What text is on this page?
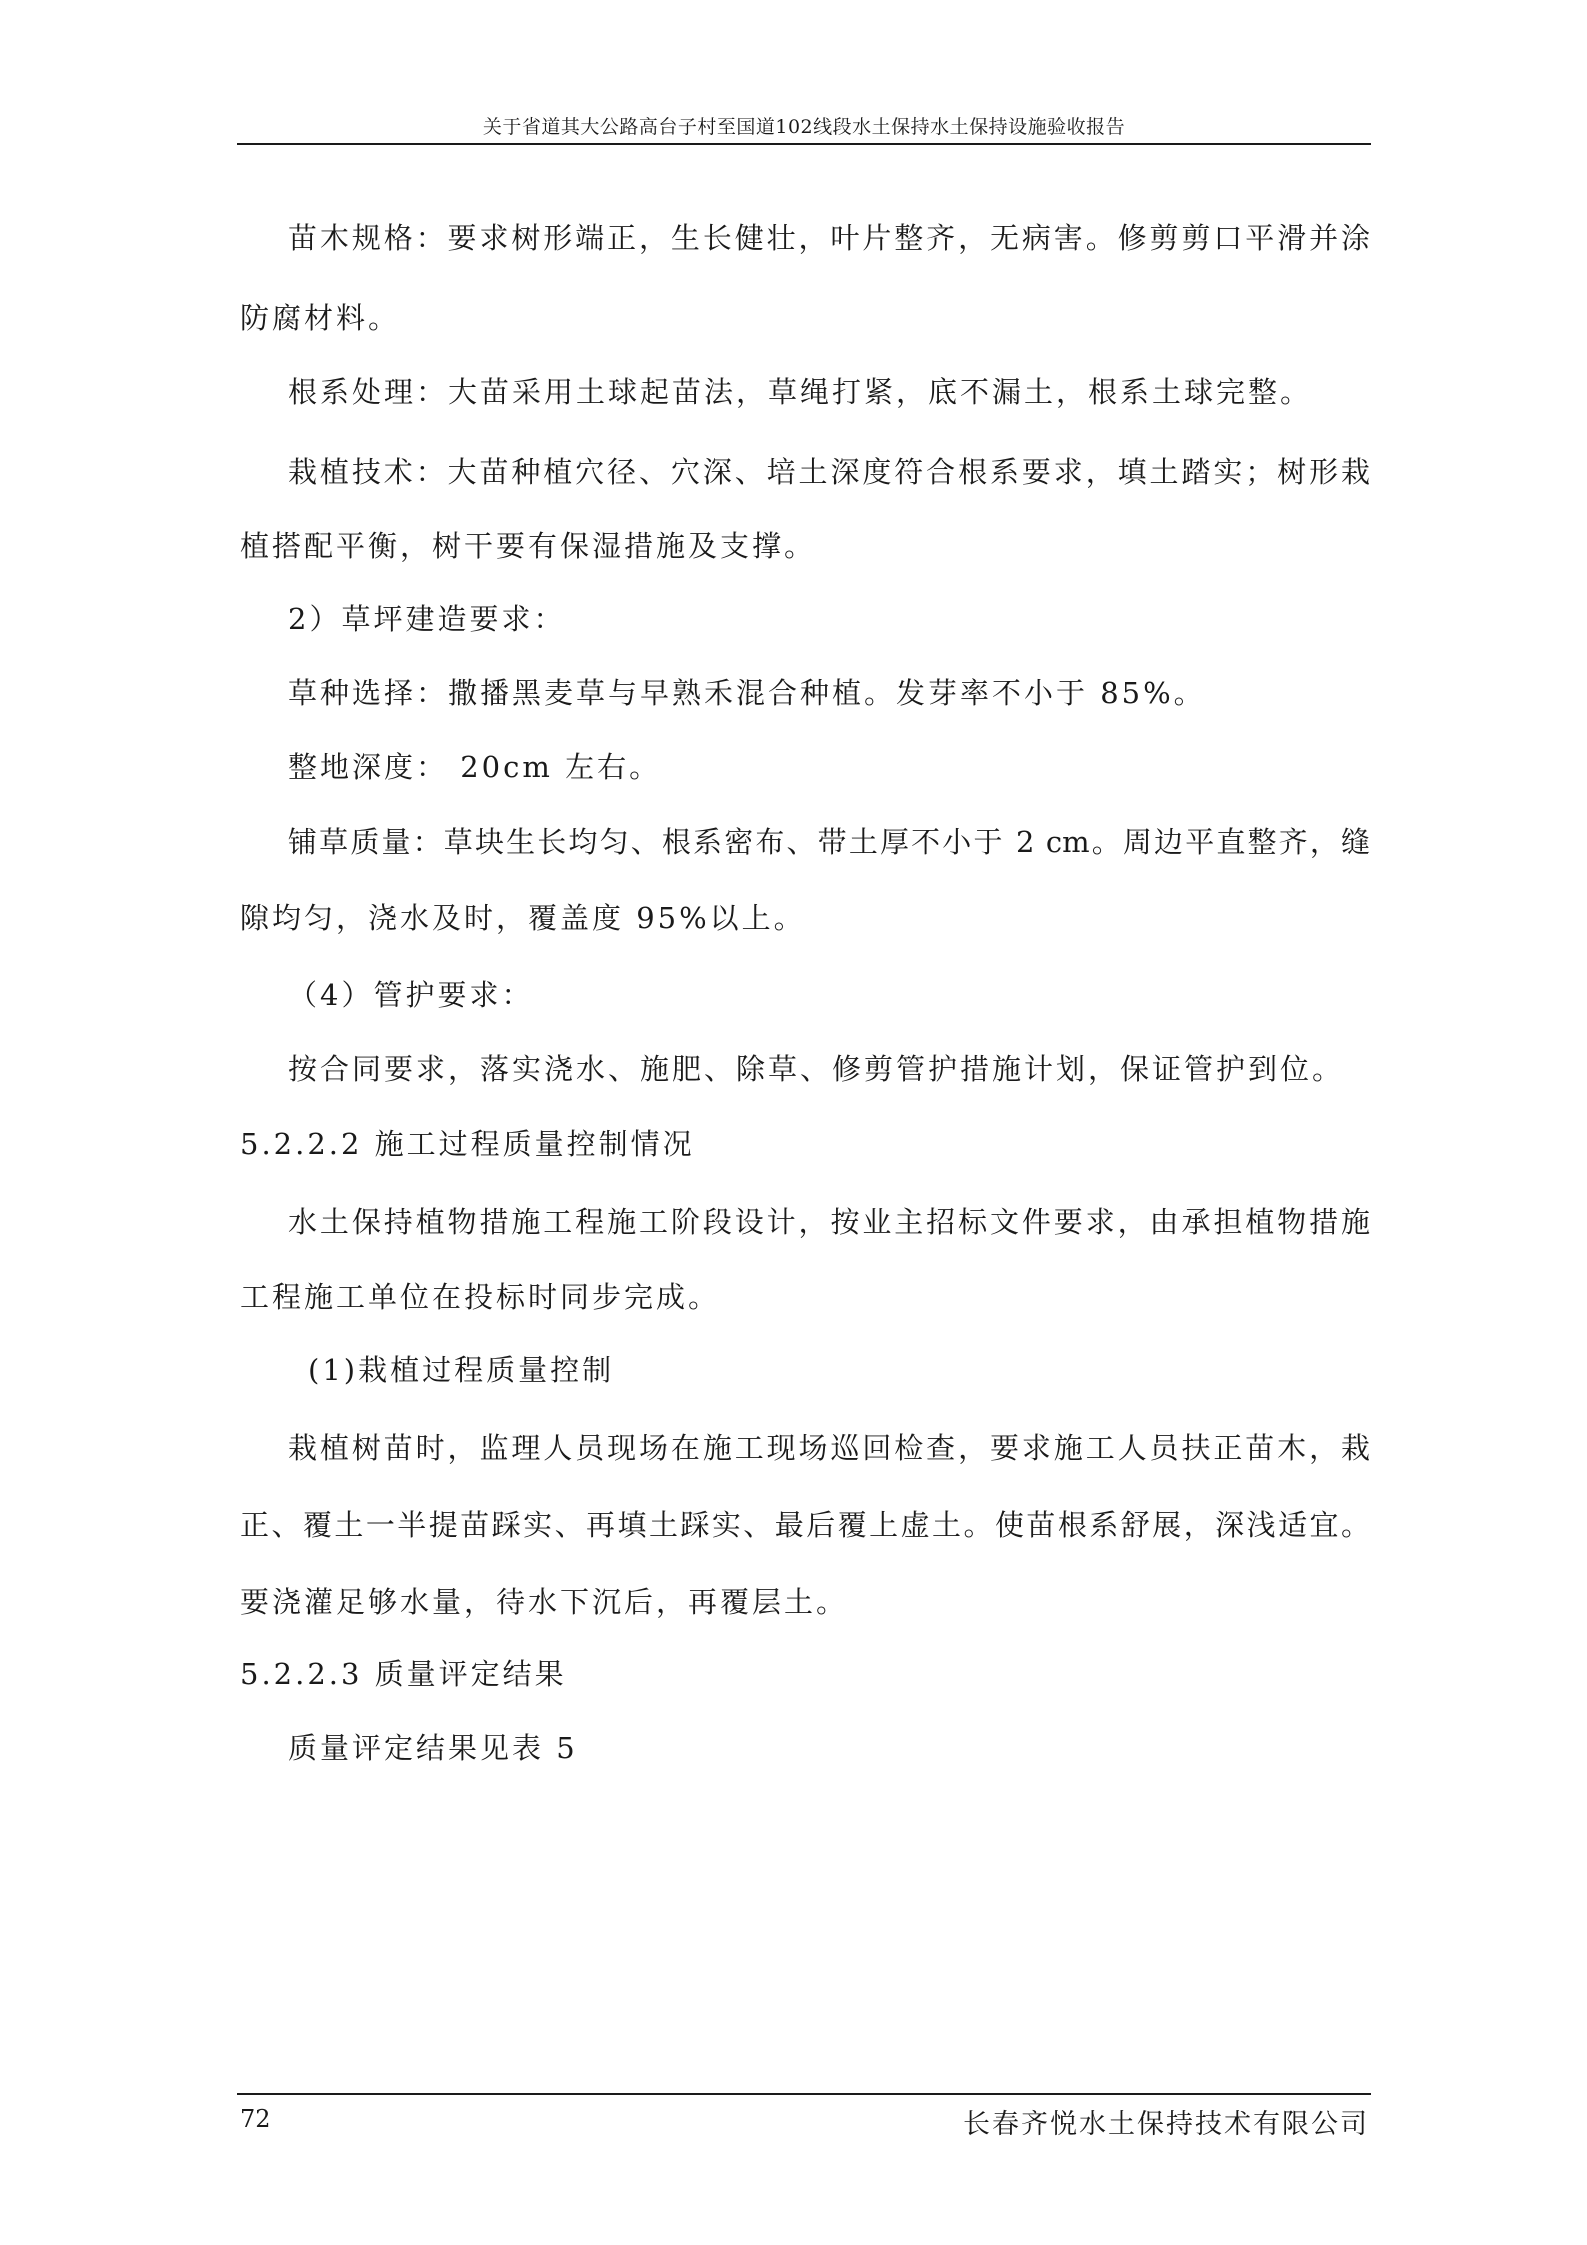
关于省道其大公路高台子村至国道102线段水土保持水土保持设施验收报告
苗木规格：要求树形端正，生长健壮，叶片整齐，无病害。修剪剪口平滑并涂
防腐材料。
根系处理：大苗采用土球起苗法，草绳打紧，底不漏土，根系土球完整。
栽植技术：大苗种植穴径、穴深、培土深度符合根系要求，填土踏实；树形栽
植搭配平衡，树干要有保湿措施及支撑。
2）草坪建造要求：
草种选择：撒播黑麦草与早熟禾混合种植。发芽率不小于 85%。
整地深度： 20cm 左右。
铺草质量：草块生长均匀、根系密布、带土厚不小于 2 cm。周边平直整齐，缝
隙均匀，浇水及时，覆盖度 95%以上。
（4）管护要求：
按合同要求，落实浇水、施肥、除草、修剪管护措施计划，保证管护到位。
5.2.2.2 施工过程质量控制情况
水土保持植物措施工程施工阶段设计，按业主招标文件要求，由承担植物措施
工程施工单位在投标时同步完成。
(1)栽植过程质量控制
栽植树苗时，监理人员现场在施工现场巡回检查，要求施工人员扶正苗木，栽
正、覆土一半提苗踩实、再填土踩实、最后覆上虚土。使苗根系舒展，深浅适宜。
要浇灌足够水量，待水下沉后，再覆层土。
5.2.2.3 质量评定结果
质量评定结果见表 5
72	长春齐悦水土保持技术有限公司
